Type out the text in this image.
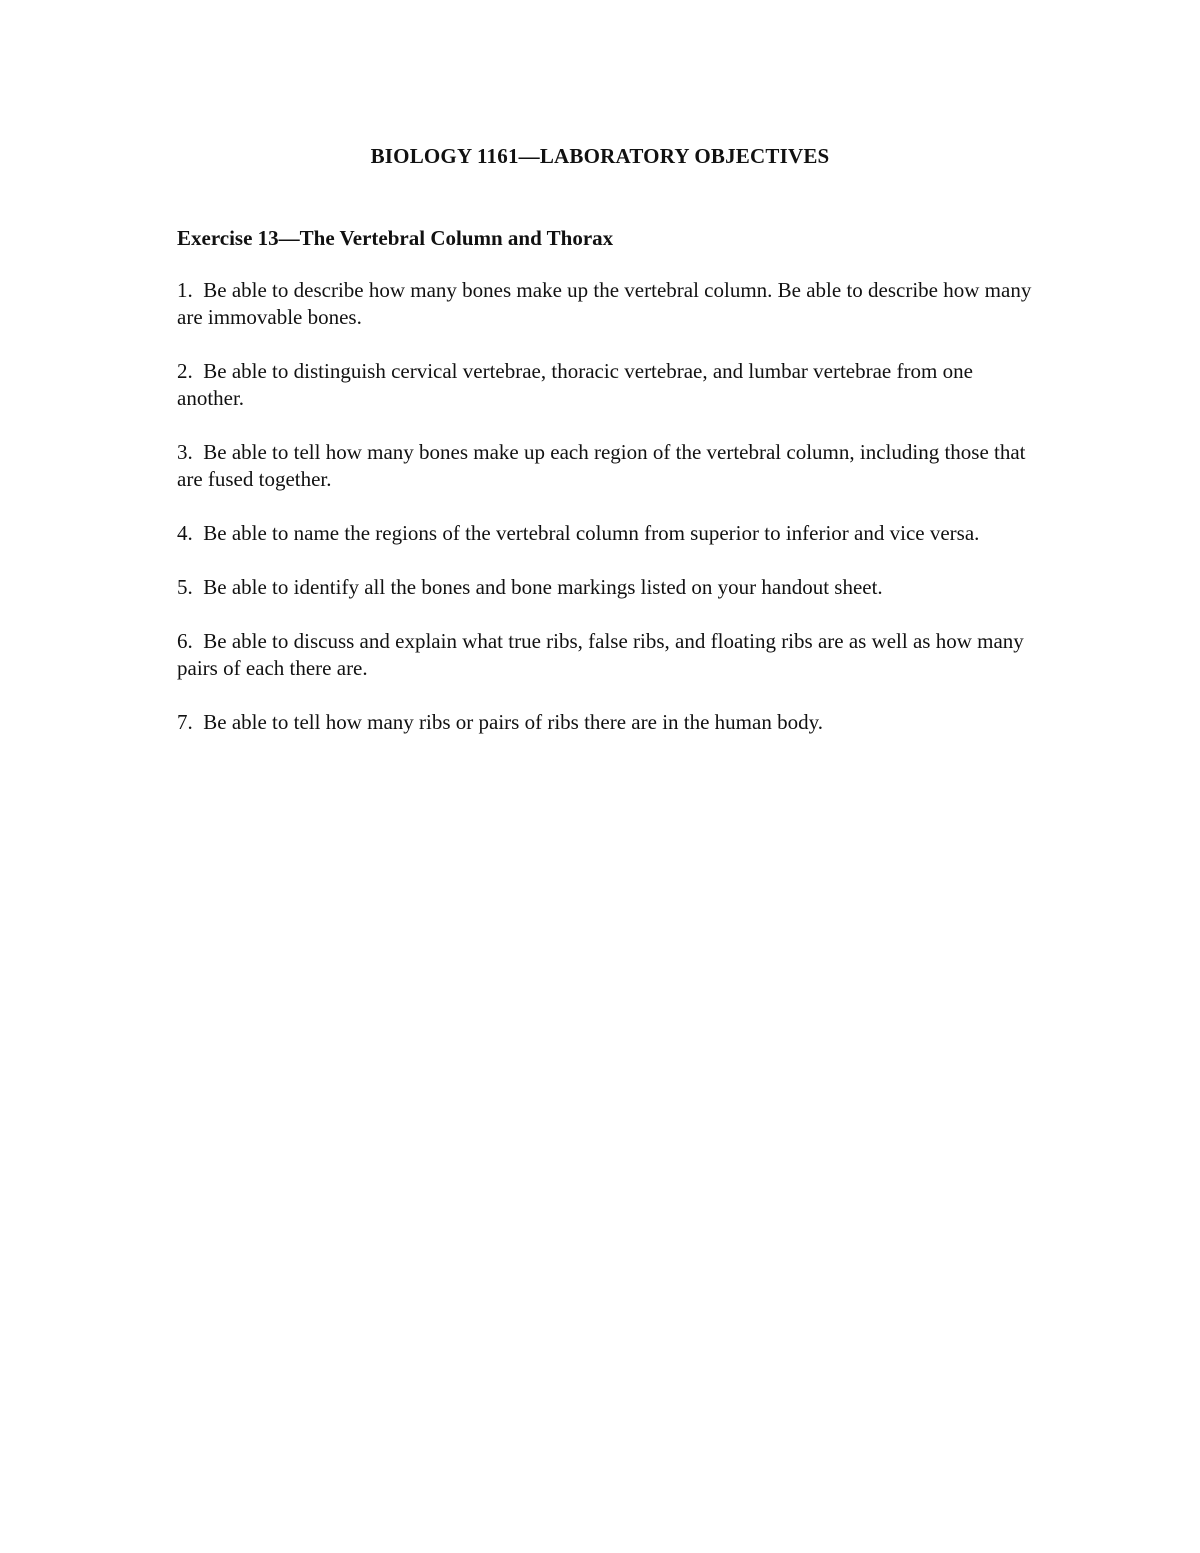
BIOLOGY 1161—LABORATORY OBJECTIVES
Exercise 13—The Vertebral Column and Thorax
1. Be able to describe how many bones make up the vertebral column. Be able to describe how many are immovable bones.
2. Be able to distinguish cervical vertebrae, thoracic vertebrae, and lumbar vertebrae from one another.
3. Be able to tell how many bones make up each region of the vertebral column, including those that are fused together.
4. Be able to name the regions of the vertebral column from superior to inferior and vice versa.
5. Be able to identify all the bones and bone markings listed on your handout sheet.
6. Be able to discuss and explain what true ribs, false ribs, and floating ribs are as well as how many pairs of each there are.
7. Be able to tell how many ribs or pairs of ribs there are in the human body.
